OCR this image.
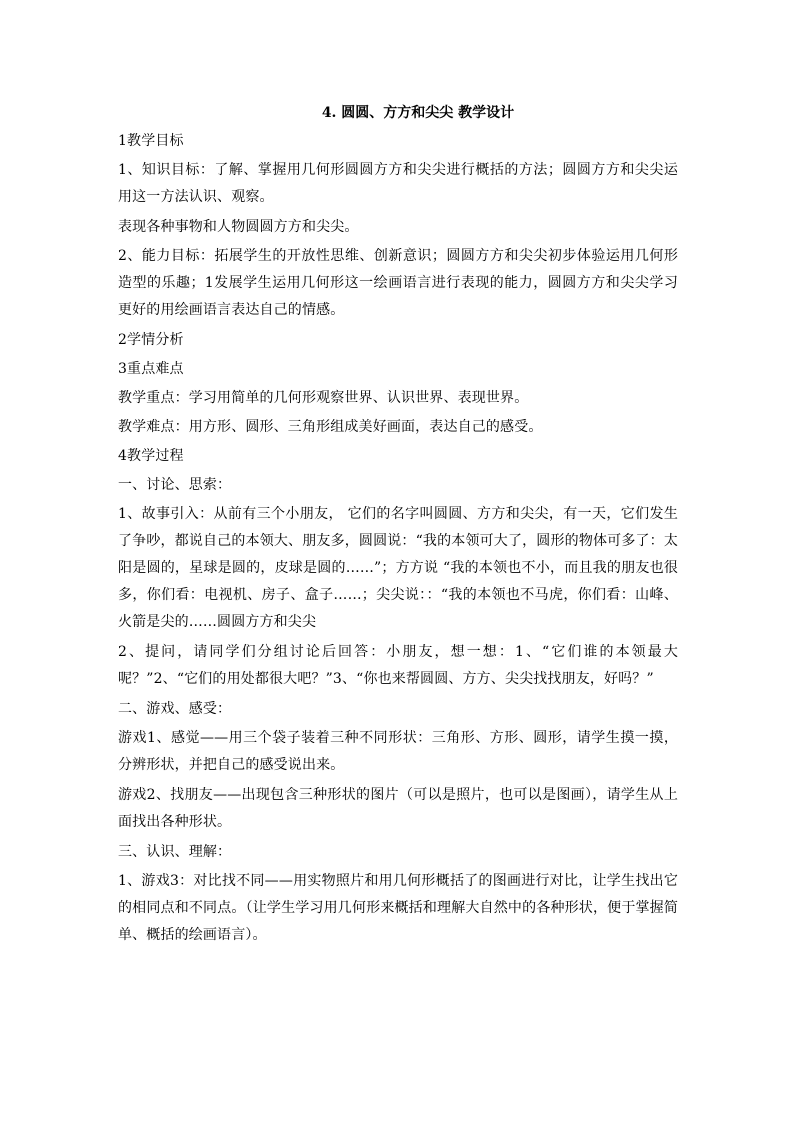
4. 圆圆、方方和尖尖 教学设计
1教学目标
1、知识目标：了解、掌握用几何形圆圆方方和尖尖进行概括的方法；圆圆方方和尖尖运用这一方法认识、观察。
表现各种事物和人物圆圆方方和尖尖。
2、能力目标：拓展学生的开放性思维、创新意识；圆圆方方和尖尖初步体验运用几何形造型的乐趣；1发展学生运用几何形这一绘画语言进行表现的能力，圆圆方方和尖尖学习更好的用绘画语言表达自己的情感。
2学情分析
3重点难点
教学重点：学习用简单的几何形观察世界、认识世界、表现世界。
教学难点：用方形、圆形、三角形组成美好画面，表达自己的感受。
4教学过程
一、讨论、思索：
1、故事引入：从前有三个小朋友， 它们的名字叫圆圆、方方和尖尖，有一天，它们发生了争吵，都说自己的本领大、朋友多，圆圆说：“我的本领可大了，圆形的物体可多了：太阳是圆的，星球是圆的，皮球是圆的……”；方方说 “我的本领也不小，而且我的朋友也很多，你们看：电视机、房子、盒子……；尖尖说：：“我的本领也不马虎，你们看：山峰、火箭是尖的……圆圆方方和尖尖
2、提问，请同学们分组讨论后回答：小朋友，想一想：1、“它们谁的本领最大呢？”2、“它们的用处都很大吧？”3、“你也来帮圆圆、方方、尖尖找找朋友，好吗？”
二、游戏、感受：
游戏1、感觉——用三个袋子装着三种不同形状：三角形、方形、圆形，请学生摸一摸，分辨形状，并把自己的感受说出来。
游戏2、找朋友——出现包含三种形状的图片（可以是照片，也可以是图画），请学生从上面找出各种形状。
三、认识、理解：
1、游戏3：对比找不同——用实物照片和用几何形概括了的图画进行对比，让学生找出它的相同点和不同点。（让学生学习用几何形来概括和理解大自然中的各种形状，便于掌握简单、概括的绘画语言）。
